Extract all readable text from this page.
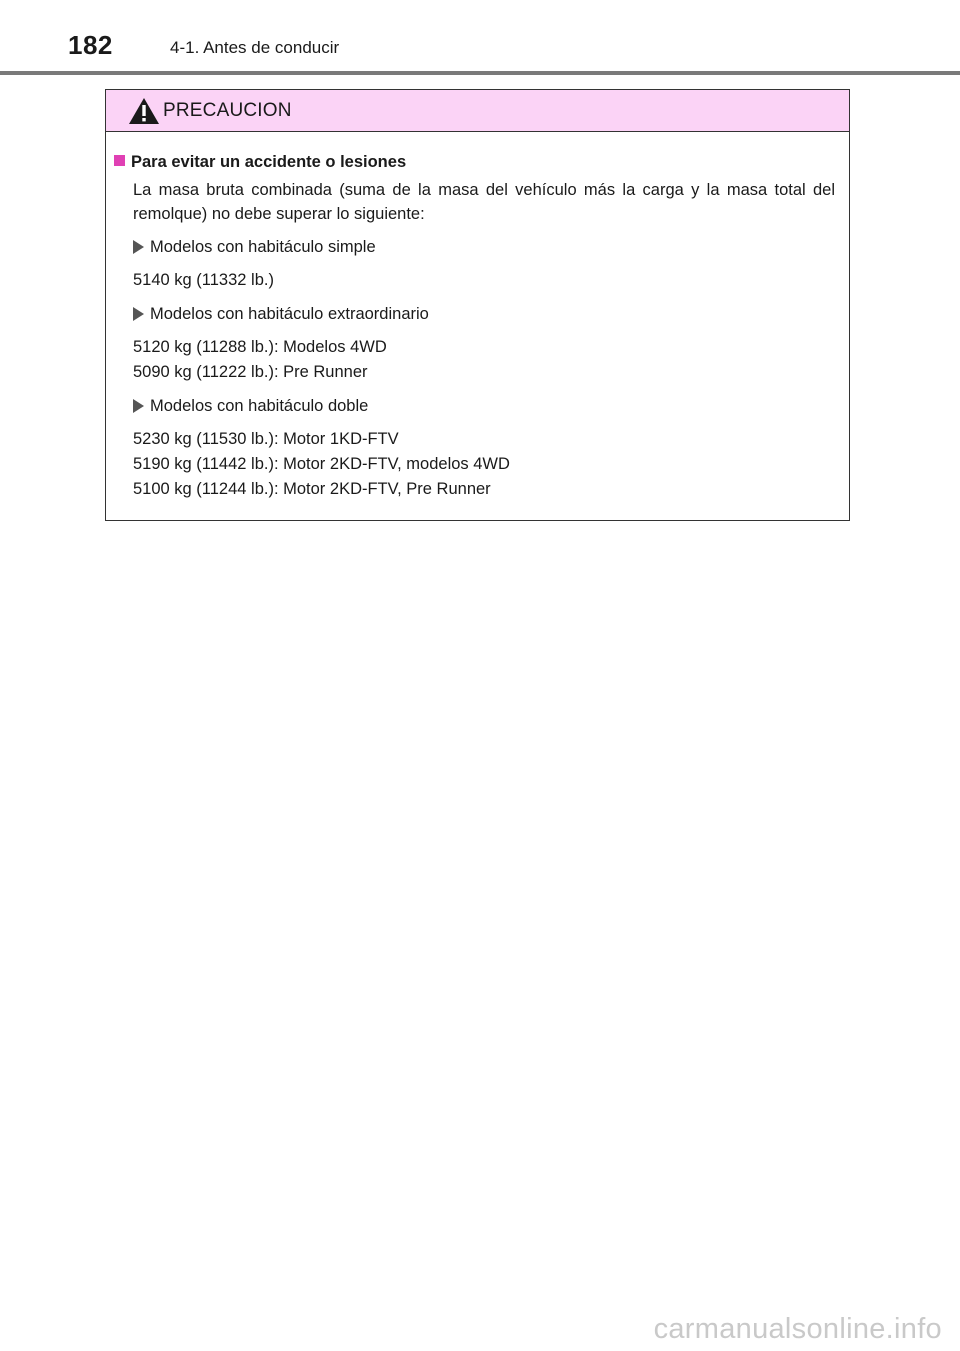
182	4-1. Antes de conducir
PRECAUCION
Para evitar un accidente o lesiones
La masa bruta combinada (suma de la masa del vehículo más la carga y la masa total del remolque) no debe superar lo siguiente:
Modelos con habitáculo simple
5140 kg (11332 lb.)
Modelos con habitáculo extraordinario
5120 kg (11288 lb.): Modelos 4WD
5090 kg (11222 lb.): Pre Runner
Modelos con habitáculo doble
5230 kg (11530 lb.): Motor 1KD-FTV
5190 kg (11442 lb.): Motor 2KD-FTV, modelos 4WD
5100 kg (11244 lb.): Motor 2KD-FTV, Pre Runner
carmanualsonline.info
